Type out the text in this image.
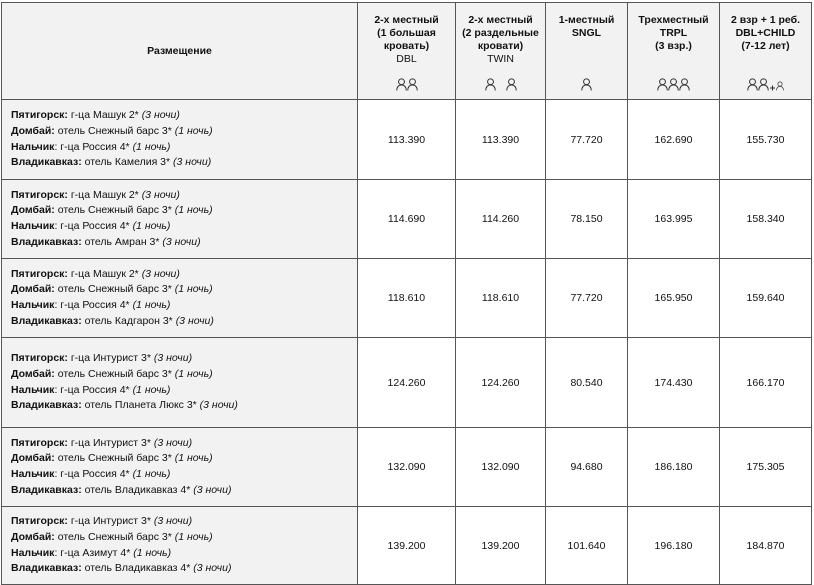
Размещение	2-х местный
(1 большая
кровать)
DBL	2-х местный
(2 раздельные
кровати)
TWIN	1-местный
SNGL	Трехместный
TRPL
(3 взр.)	2 взр + 1 реб.
DBL+CHILD
(7-12 лет)

Пятигорск: г-ца Машук 2* (3 ночи)
Домбай: отель Снежный барс 3* (1 ночь)
Нальчик: г-ца Россия 4* (1 ночь)
Владикавказ: отель Камелия 3* (3 ночи)	113.390	113.390	77.720	162.690	155.730

Пятигорск: г-ца Машук 2* (3 ночи)
Домбай: отель Снежный барс 3* (1 ночь)
Нальчик: г-ца Россия 4* (1 ночь)
Владикавказ: отель Амран 3* (3 ночи)	114.690	114.260	78.150	163.995	158.340

Пятигорск: г-ца Машук 2* (3 ночи)
Домбай: отель Снежный барс 3* (1 ночь)
Нальчик: г-ца Россия 4* (1 ночь)
Владикавказ: отель Кадгарон 3* (3 ночи)	118.610	118.610	77.720	165.950	159.640

Пятигорск: г-ца Интурист 3* (3 ночи)
Домбай: отель Снежный барс 3* (1 ночь)
Нальчик: г-ца Россия 4* (1 ночь)
Владикавказ: отель Планета Люкс 3* (3 ночи)	124.260	124.260	80.540	174.430	166.170

Пятигорск: г-ца Интурист 3* (3 ночи)
Домбай: отель Снежный барс 3* (1 ночь)
Нальчик: г-ца Россия 4* (1 ночь)
Владикавказ: отель Владикавказ 4* (3 ночи)	132.090	132.090	94.680	186.180	175.305

Пятигорск: г-ца Интурист 3* (3 ночи)
Домбай: отель Снежный барс 3* (1 ночь)
Нальчик: г-ца Азимут 4* (1 ночь)
Владикавказ: отель Владикавказ 4* (3 ночи)	139.200	139.200	101.640	196.180	184.870
